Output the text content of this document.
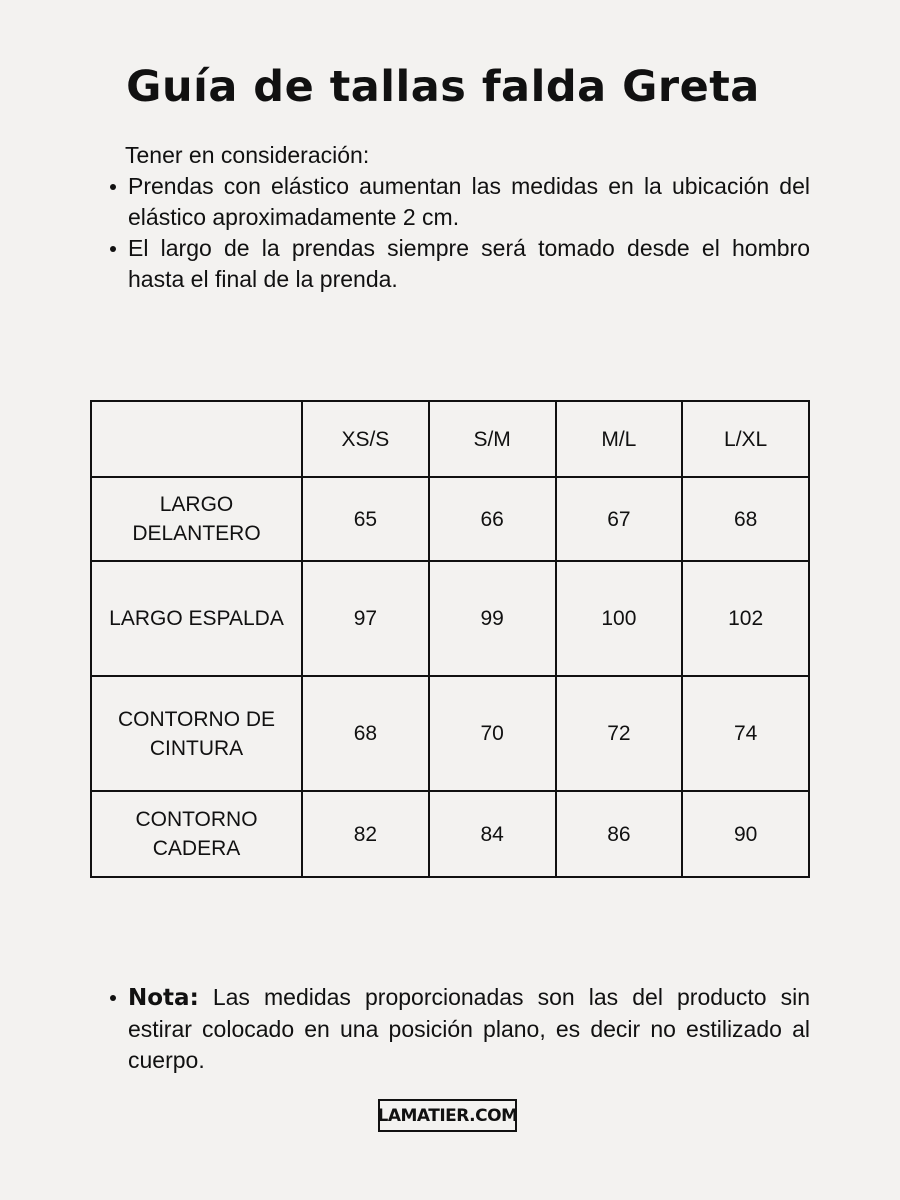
Guía de tallas falda Greta
Tener en consideración:
Prendas con elástico aumentan las medidas en la ubicación del elástico aproximadamente 2 cm.
El largo de la prendas siempre será tomado desde el hombro hasta el final de la prenda.
	XS/S	S/M	M/L	L/XL
LARGO DELANTERO	65	66	67	68
LARGO ESPALDA	97	99	100	102
CONTORNO DE CINTURA	68	70	72	74
CONTORNO CADERA	82	84	86	90
Nota: Las medidas proporcionadas son las del producto sin estirar colocado en una posición plano, es decir no estilizado al cuerpo.
LAMATIER.COM
